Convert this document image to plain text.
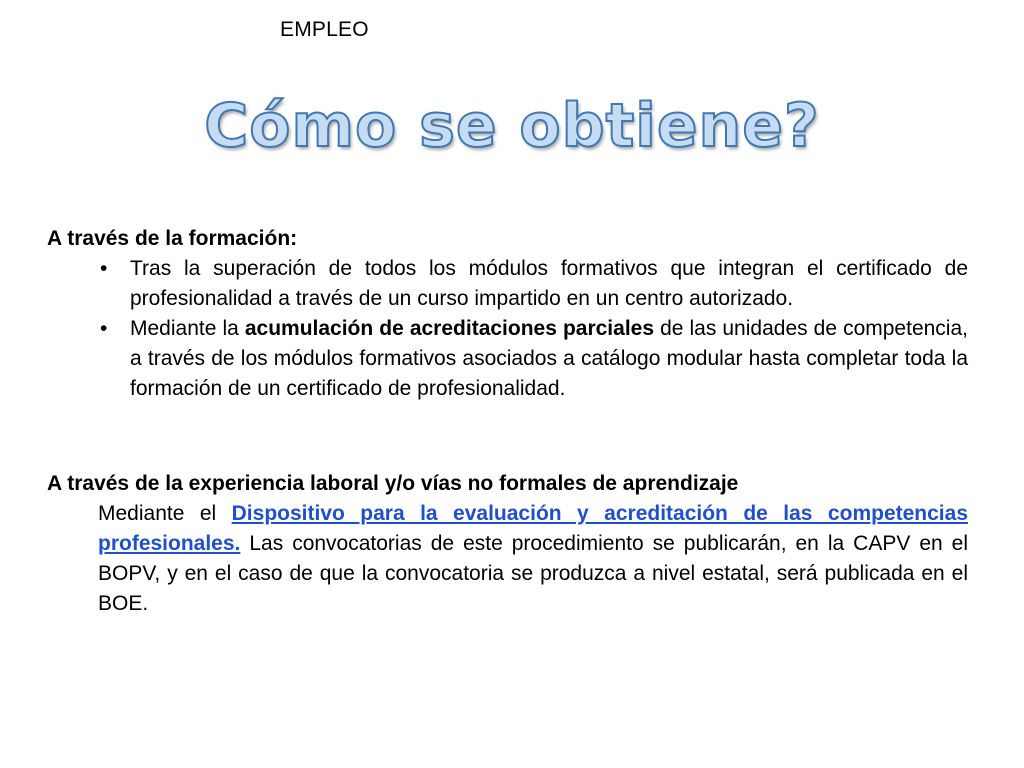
EMPLEO
Cómo se obtiene?
A través de la formación:
• Tras la superación de todos los módulos formativos que integran el certificado de profesionalidad a través de un curso impartido en un centro autorizado.
• Mediante la acumulación de acreditaciones parciales de las unidades de competencia, a través de los módulos formativos asociados a catálogo modular hasta completar toda la formación de un certificado de profesionalidad.
A través de la experiencia laboral y/o vías no formales de aprendizaje
Mediante el Dispositivo para la evaluación y acreditación de las competencias profesionales. Las convocatorias de este procedimiento se publicarán, en la CAPV en el BOPV, y en el caso de que la convocatoria se produzca a nivel estatal, será publicada en el BOE.
